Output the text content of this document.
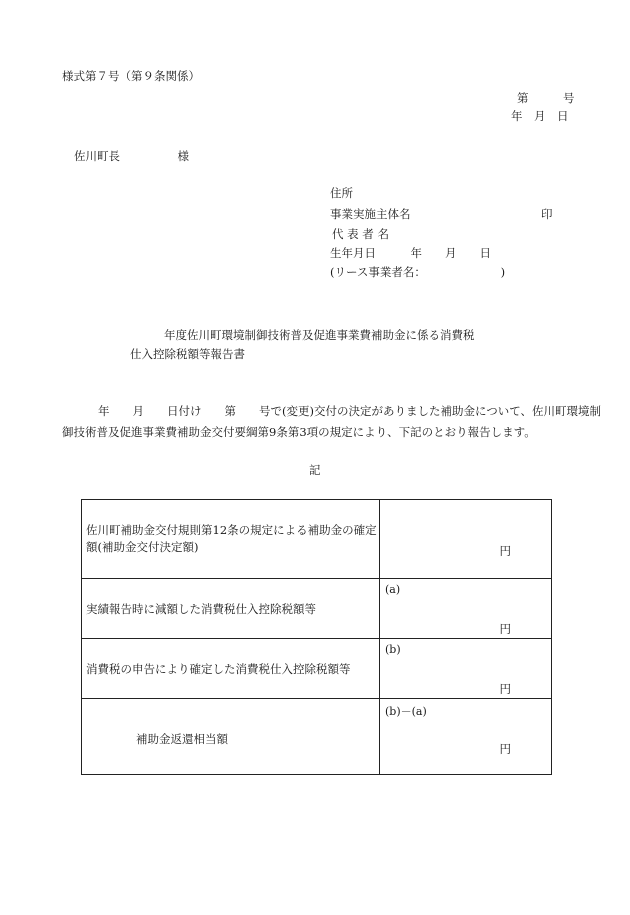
様式第７号（第９条関係）
第　　　号
年　月　日
佐川町長　　　　　様
住所
事業実施主体名	印
代 表 者 名
生年月日　　　年　　月　　日
(リース事業者名：　　　　　　　)
年度佐川町環境制御技術普及促進事業費補助金に係る消費税
仕入控除税額等報告書
年　　月　　日付け　　第　　号で(変更)交付の決定がありました補助金について、佐川町環境制
御技術普及促進事業費補助金交付要綱第9条第3項の規定により、下記のとおり報告します。
記
佐川町補助金交付規則第12条の規定による補助金の確定
額(補助金交付決定額)	円

実績報告時に減額した消費税仕入控除税額等	(a)
円

消費税の申告により確定した消費税仕入控除税額等	(b)
円

補助金返還相当額	(b)－(a)
円
